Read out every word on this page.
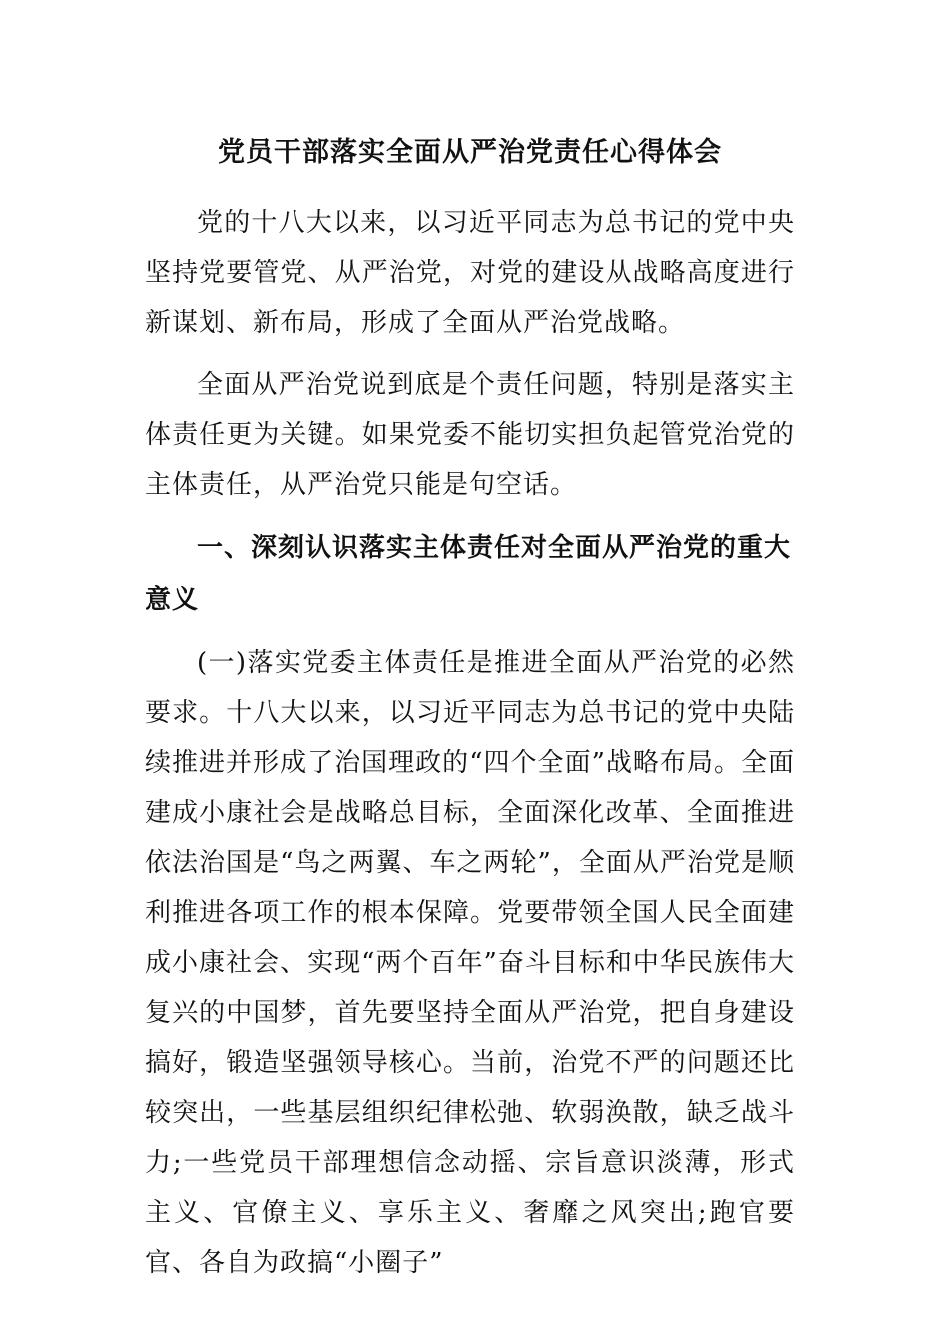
党员干部落实全面从严治党责任心得体会

党的十八大以来，以习近平同志为总书记的党中央坚持党要管党、从严治党，对党的建设从战略高度进行新谋划、新布局，形成了全面从严治党战略。

全面从严治党说到底是个责任问题，特别是落实主体责任更为关键。如果党委不能切实担负起管党治党的主体责任，从严治党只能是句空话。

一、深刻认识落实主体责任对全面从严治党的重大意义

(一)落实党委主体责任是推进全面从严治党的必然要求。十八大以来，以习近平同志为总书记的党中央陆续推进并形成了治国理政的“四个全面”战略布局。全面建成小康社会是战略总目标，全面深化改革、全面推进依法治国是“鸟之两翼、车之两轮”，全面从严治党是顺利推进各项工作的根本保障。党要带领全国人民全面建成小康社会、实现“两个百年”奋斗目标和中华民族伟大复兴的中国梦，首先要坚持全面从严治党，把自身建设搞好，锻造坚强领导核心。当前，治党不严的问题还比较突出，一些基层组织纪律松弛、软弱涣散，缺乏战斗力;一些党员干部理想信念动摇、宗旨意识淡薄，形式主义、官僚主义、享乐主义、奢靡之风突出;跑官要官、各自为政搞“小圈子”
